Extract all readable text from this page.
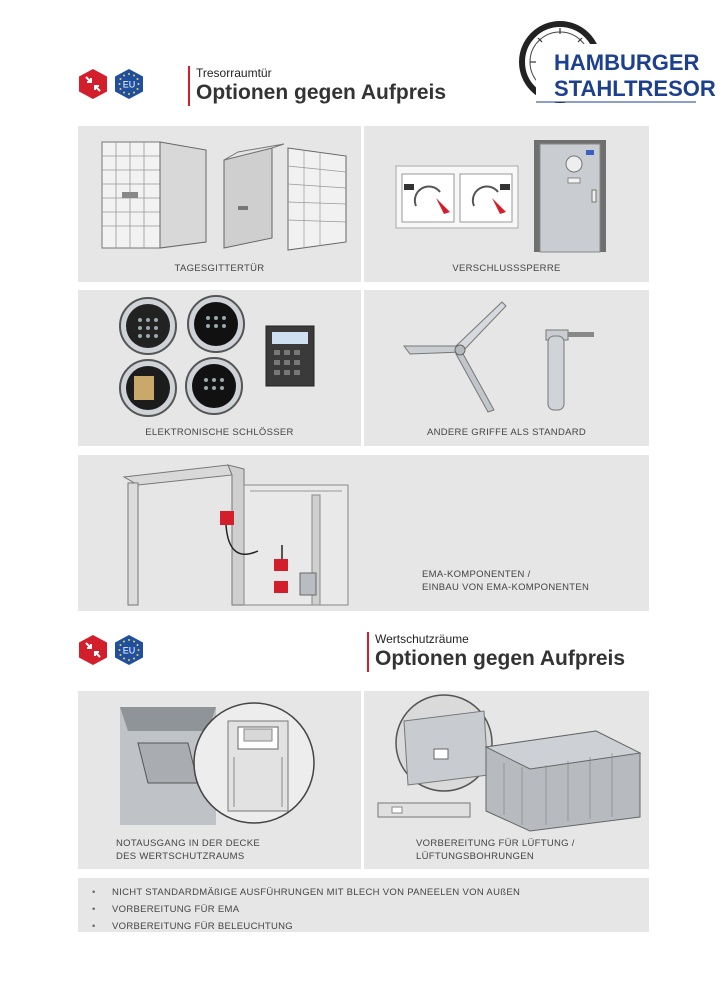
HAMBURGER
STAHLTRESOR
EU
Tresorraumtür
Optionen gegen Aufpreis
TAGESGITTERTÜR	VERSCHLUSSSPERRE
ELEKTRONISCHE SCHLÖSSER	ANDERE GRIFFE ALS STANDARD
EMA-KOMPONENTEN /
EINBAU VON EMA-KOMPONENTEN
EU
Wertschutzräume
Optionen gegen Aufpreis
NOTAUSGANG IN DER DECKE
DES WERTSCHUTZRAUMS
VORBEREITUNG FÜR LÜFTUNG /
LÜFTUNGSBOHRUNGEN
• NICHT STANDARDMÄßIGE AUSFÜHRUNGEN MIT BLECH VON PANEELEN VON AUßEN
• VORBEREITUNG FÜR EMA
• VORBEREITUNG FÜR BELEUCHTUNG
